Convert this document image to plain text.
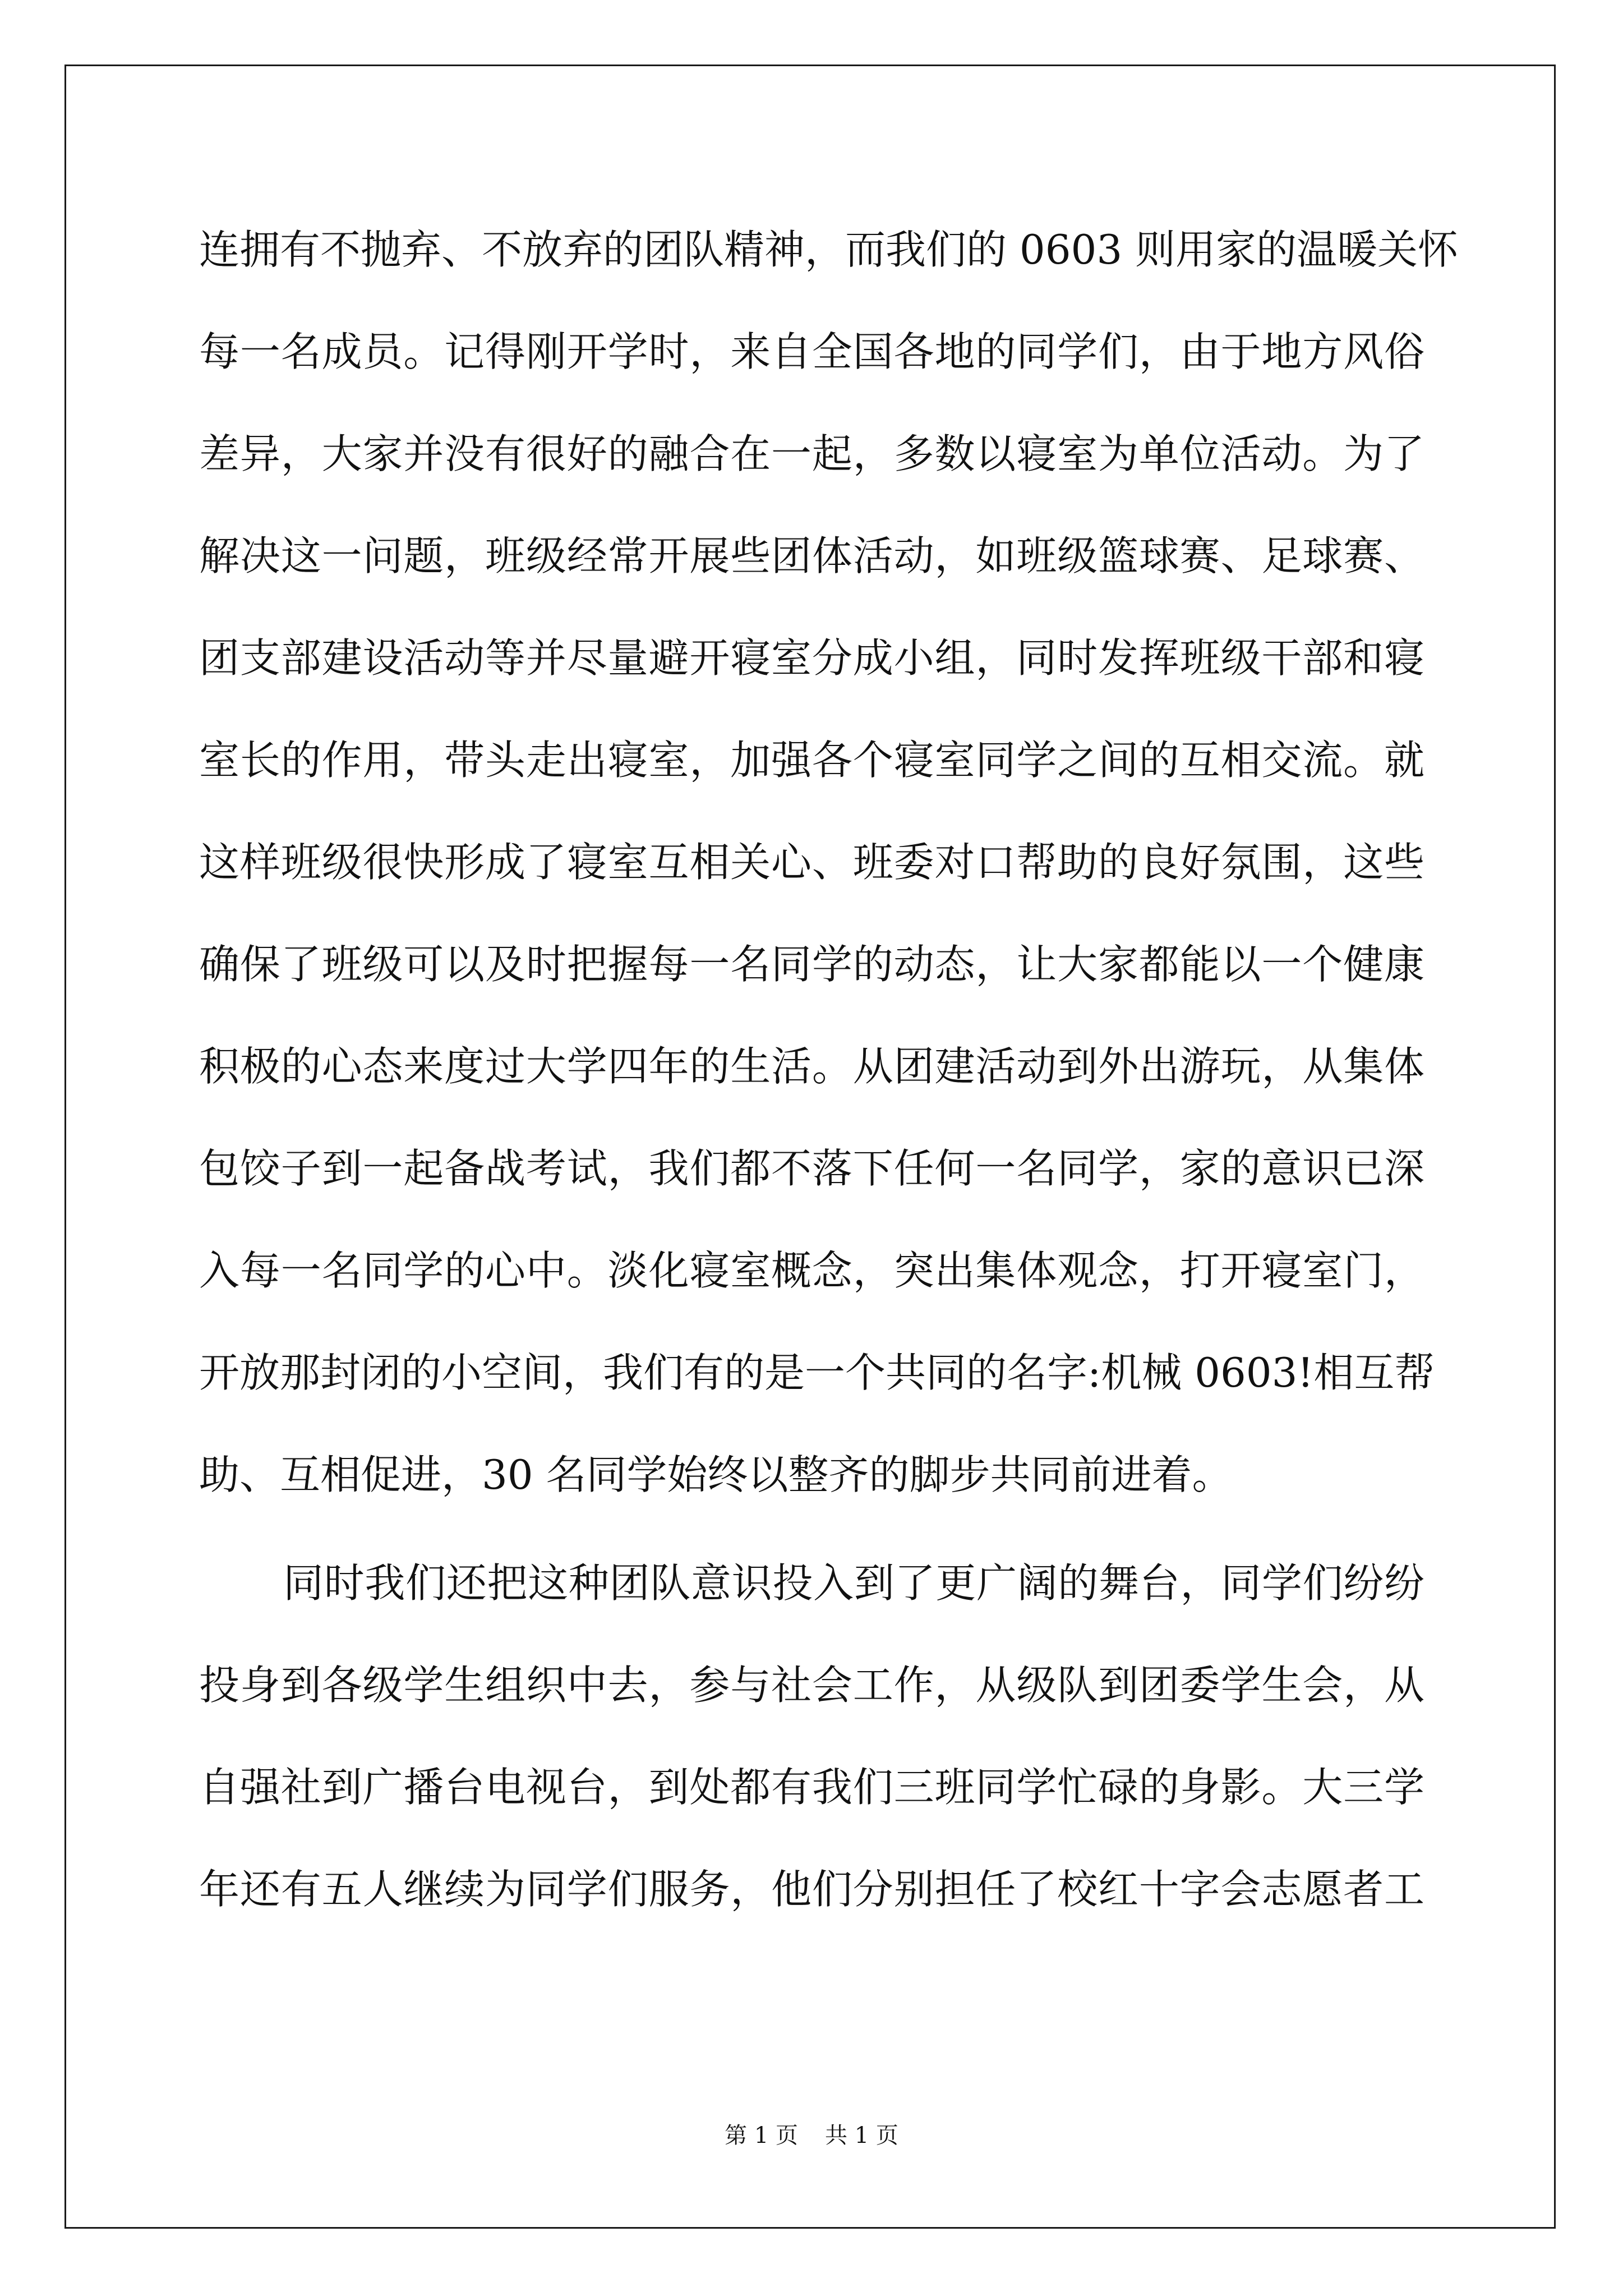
连拥有不抛弃、不放弃的团队精神，而我们的 0603 则用家的温暖关怀
每一名成员。记得刚开学时，来自全国各地的同学们，由于地方风俗
差异，大家并没有很好的融合在一起，多数以寝室为单位活动。为了
解决这一问题，班级经常开展些团体活动，如班级篮球赛、足球赛、
团支部建设活动等并尽量避开寝室分成小组，同时发挥班级干部和寝
室长的作用，带头走出寝室，加强各个寝室同学之间的互相交流。就
这样班级很快形成了寝室互相关心、班委对口帮助的良好氛围，这些
确保了班级可以及时把握每一名同学的动态，让大家都能以一个健康
积极的心态来度过大学四年的生活。从团建活动到外出游玩，从集体
包饺子到一起备战考试，我们都不落下任何一名同学，家的意识已深
入每一名同学的心中。淡化寝室概念，突出集体观念，打开寝室门，
开放那封闭的小空间，我们有的是一个共同的名字:机械 0603!相互帮
助、互相促进，30 名同学始终以整齐的脚步共同前进着。
同时我们还把这种团队意识投入到了更广阔的舞台，同学们纷纷
投身到各级学生组织中去，参与社会工作，从级队到团委学生会，从
自强社到广播台电视台，到处都有我们三班同学忙碌的身影。大三学
年还有五人继续为同学们服务，他们分别担任了校红十字会志愿者工
第 1 页 共 1 页
